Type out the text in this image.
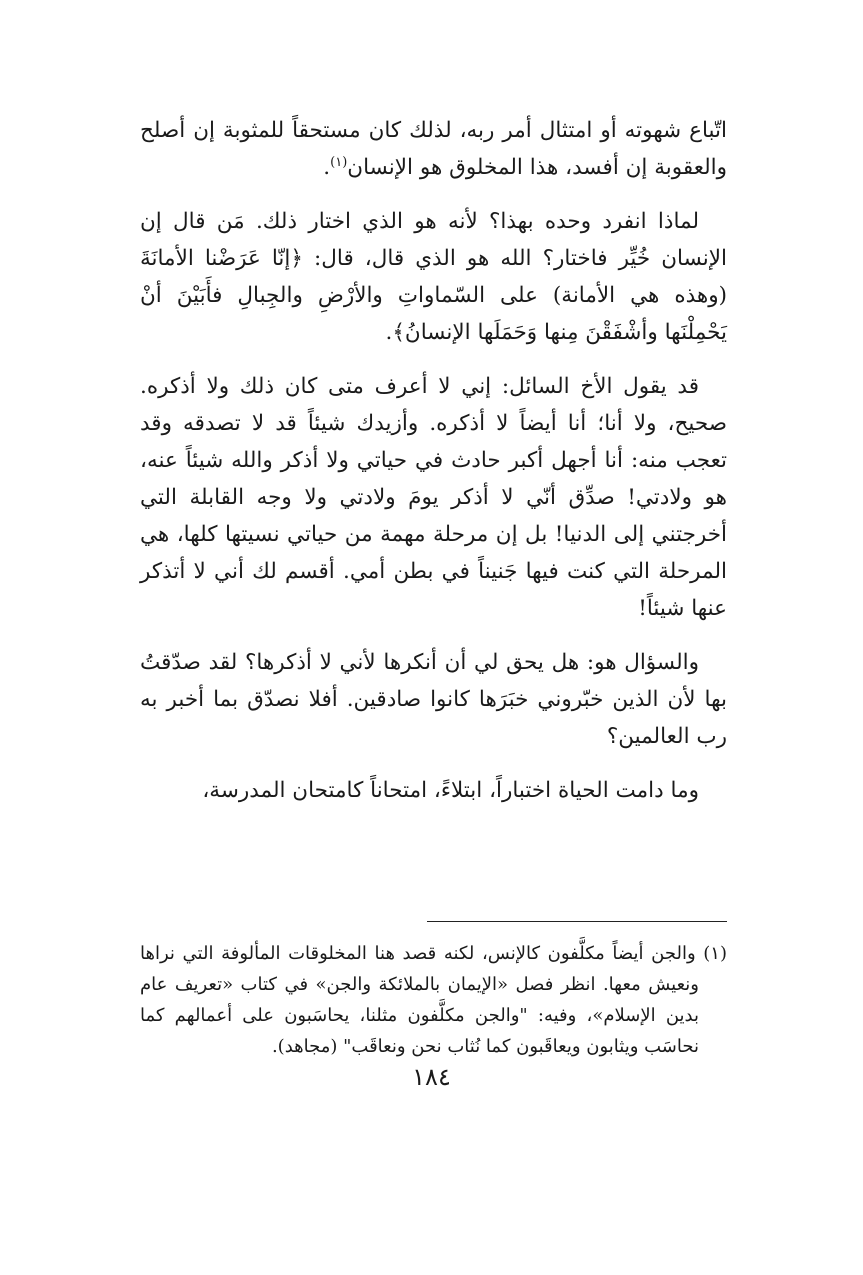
اتّباع شهوته أو امتثال أمر ربه، لذلك كان مستحقاً للمثوبة إن أصلح والعقوبة إن أفسد، هذا المخلوق هو الإنسان$^{(١)}$.

لماذا انفرد وحده بهذا؟ لأنه هو الذي اختار ذلك. مَن قال إن الإنسان خُيِّر فاختار؟ الله هو الذي قال، قال: ﴿إنّا عَرَضْنا الأمانَةَ (وهذه هي الأمانة) على السّماواتِ والأرْضِ والجِبالِ فأَبَيْنَ أنْ يَحْمِلْنَها وأشْفَقْنَ مِنها وَحَمَلَها الإنسانُ﴾.

قد يقول الأخ السائل: إني لا أعرف متى كان ذلك ولا أذكره. صحيح، ولا أنا؛ أنا أيضاً لا أذكره. وأزيدك شيئاً قد لا تصدقه وقد تعجب منه: أنا أجهل أكبر حادث في حياتي ولا أذكر والله شيئاً عنه، هو ولادتي! صدِّق أنّي لا أذكر يومَ ولادتي ولا وجه القابلة التي أخرجتني إلى الدنيا! بل إن مرحلة مهمة من حياتي نسيتها كلها، هي المرحلة التي كنت فيها جَنيناً في بطن أمي. أقسم لك أني لا أتذكر عنها شيئاً!

والسؤال هو: هل يحق لي أن أنكرها لأني لا أذكرها؟ لقد صدّقتُ بها لأن الذين خبّروني خبَرَها كانوا صادقين. أفلا نصدّق بما أخبر به رب العالمين؟

وما دامت الحياة اختباراً، ابتلاءً، امتحاناً كامتحان المدرسة،

(١) والجن أيضاً مكلَّفون كالإنس، لكنه قصد هنا المخلوقات المألوفة التي نراها ونعيش معها. انظر فصل «الإيمان بالملائكة والجن» في كتاب «تعريف عام بدين الإسلام»، وفيه: "والجن مكلَّفون مثلنا، يحاسَبون على أعمالهم كما نحاسَب ويثابون ويعاقَبون كما نُثاب نحن ونعاقَب" (مجاهد).

١٨٤
